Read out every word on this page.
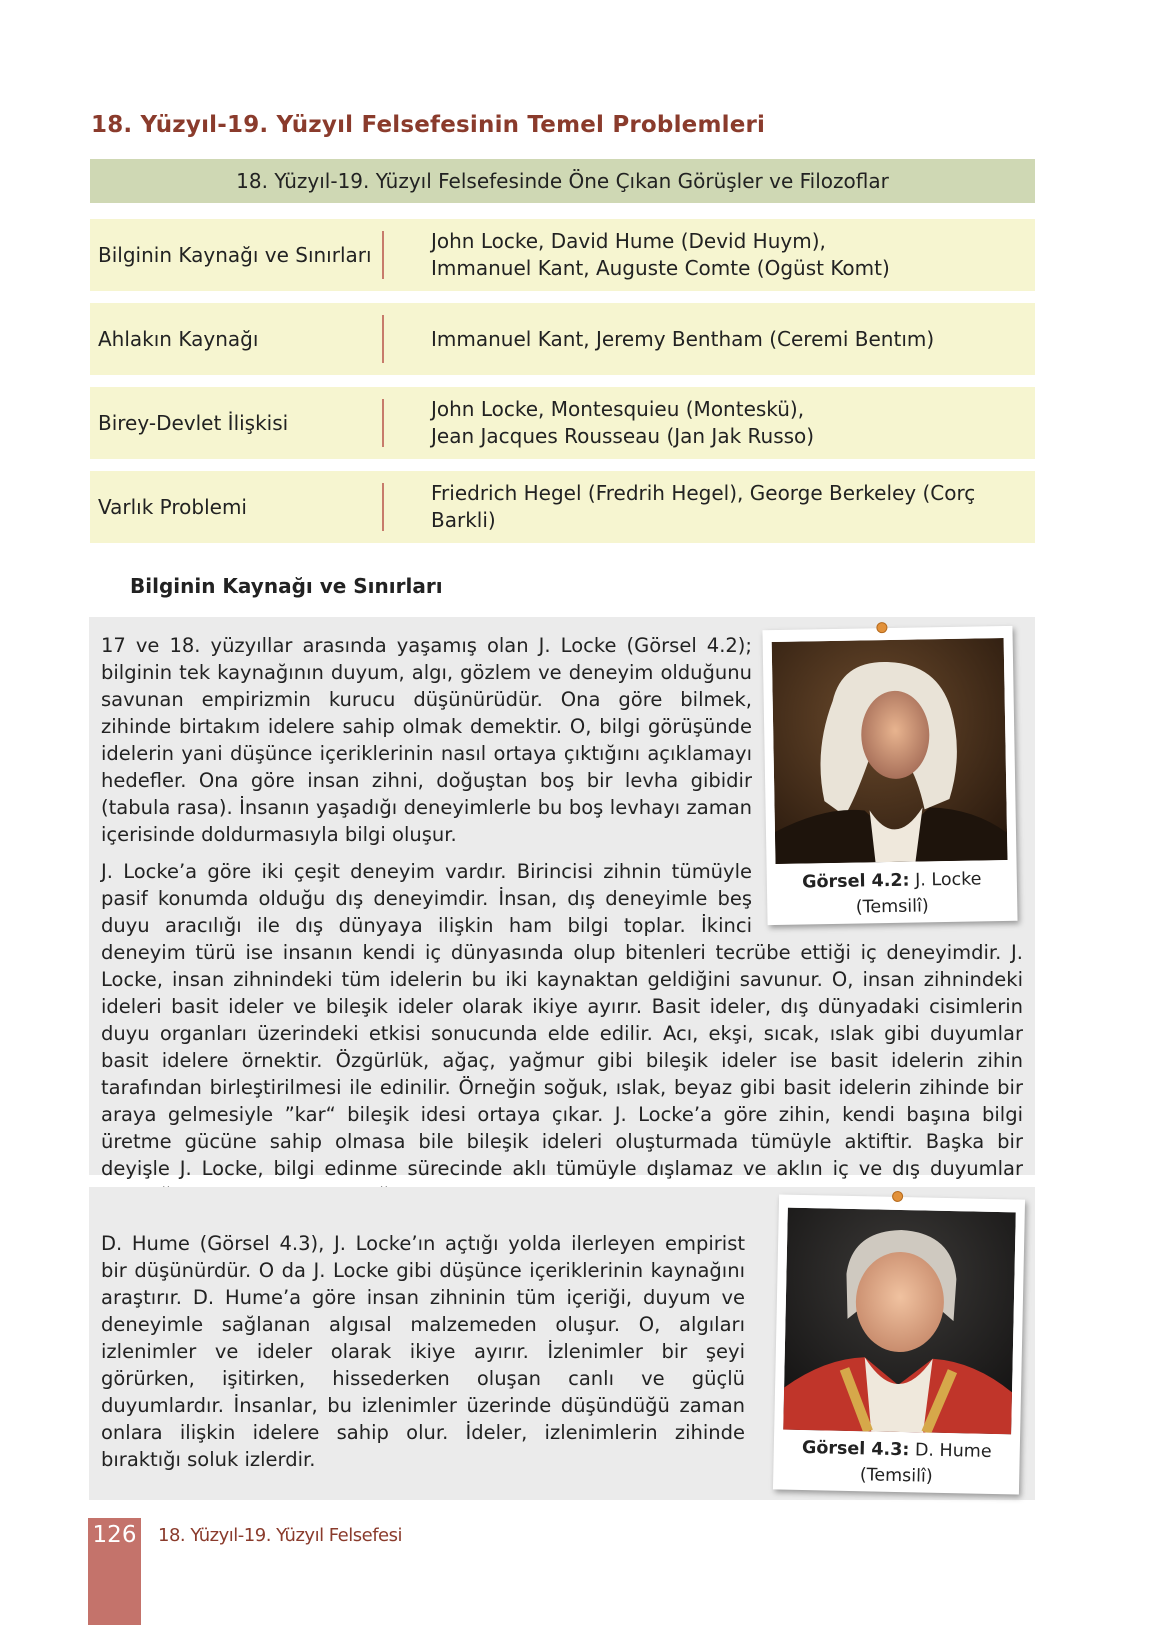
18. Yüzyıl-19. Yüzyıl Felsefesinin Temel Problemleri
18. Yüzyıl-19. Yüzyıl Felsefesinde Öne Çıkan Görüşler ve Filozoflar
Bilginin Kaynağı ve Sınırları
John Locke, David Hume (Devid Huym),
Immanuel Kant, Auguste Comte (Ogüst Komt)
Ahlakın Kaynağı	Immanuel Kant, Jeremy Bentham (Ceremi Bentım)
Birey-Devlet İlişkisi
John Locke, Montesquieu (Monteskü),
Jean Jacques Rousseau (Jan Jak Russo)
Varlık Problemi
Friedrich Hegel (Fredrih Hegel), George Berkeley (Corç Barkli)
Bilginin Kaynağı ve Sınırları

17 ve 18. yüzyıllar arasında yaşamış olan J. Locke (Görsel 4.2); bilginin tek kaynağının duyum, algı, gözlem ve deneyim olduğunu savunan empirizmin kurucu düşünürüdür. Ona göre bilmek, zihinde birtakım idelere sahip olmak demektir. O, bilgi görüşünde idelerin yani düşünce içeriklerinin nasıl ortaya çıktığını açıklamayı hedefler. Ona göre insan zihni, doğuştan boş bir levha gibidir (tabula rasa). İnsanın yaşadığı deneyimlerle bu boş levhayı zaman içerisinde doldurmasıyla bilgi oluşur.

J. Locke’a göre iki çeşit deneyim vardır. Birincisi zihnin tümüyle pasif konumda olduğu dış deneyimdir. İnsan, dış deneyimle beş duyu aracılığı ile dış dünyaya ilişkin ham bilgi toplar. İkinci deneyim türü ise insanın kendi iç dünyasında olup bitenleri tecrübe ettiği iç deneyimdir. J. Locke, insan zihnindeki tüm idelerin bu iki kaynaktan geldiğini savunur. O, insan zihnindeki ideleri basit ideler ve bileşik ideler olarak ikiye ayırır. Basit ideler, dış dünyadaki cisimlerin duyu organları üzerindeki etkisi sonucunda elde edilir. Acı, ekşi, sıcak, ıslak gibi duyumlar basit idelere örnektir. Özgürlük, ağaç, yağmur gibi bileşik ideler ise basit idelerin zihin tarafından birleştirilmesi ile edinilir. Örneğin soğuk, ıslak, beyaz gibi basit idelerin zihinde bir araya gelmesiyle ”kar“ bileşik idesi ortaya çıkar. J. Locke’a göre zihin, kendi başına bilgi üretme gücüne sahip olmasa bile bileşik ideleri oluşturmada tümüyle aktiftir. Başka bir deyişle J. Locke, bilgi edinme sürecinde aklı tümüyle dışlamaz ve aklın iç ve dış duyumlar

Görsel 4.2: J. Locke
(Temsilî)

D. Hume (Görsel 4.3), J. Locke’ın açtığı yolda ilerleyen empirist bir düşünürdür. O da J. Locke gibi düşünce içeriklerinin kaynağını araştırır. D. Hume’a göre insan zihninin tüm içeriği, duyum ve deneyimle sağlanan algısal malzemeden oluşur. O, algıları izlenimler ve ideler olarak ikiye ayırır. İzlenimler bir şeyi görürken, işitirken, hissederken oluşan canlı ve güçlü duyumlardır. İnsanlar, bu izlenimler üzerinde düşündüğü zaman onlara ilişkin idelere sahip olur. İdeler, izlenimlerin zihinde bıraktığı soluk izlerdir.	Görsel 4.3: D. Hume
(Temsilî)
126 18. Yüzyıl-19. Yüzyıl Felsefesi
